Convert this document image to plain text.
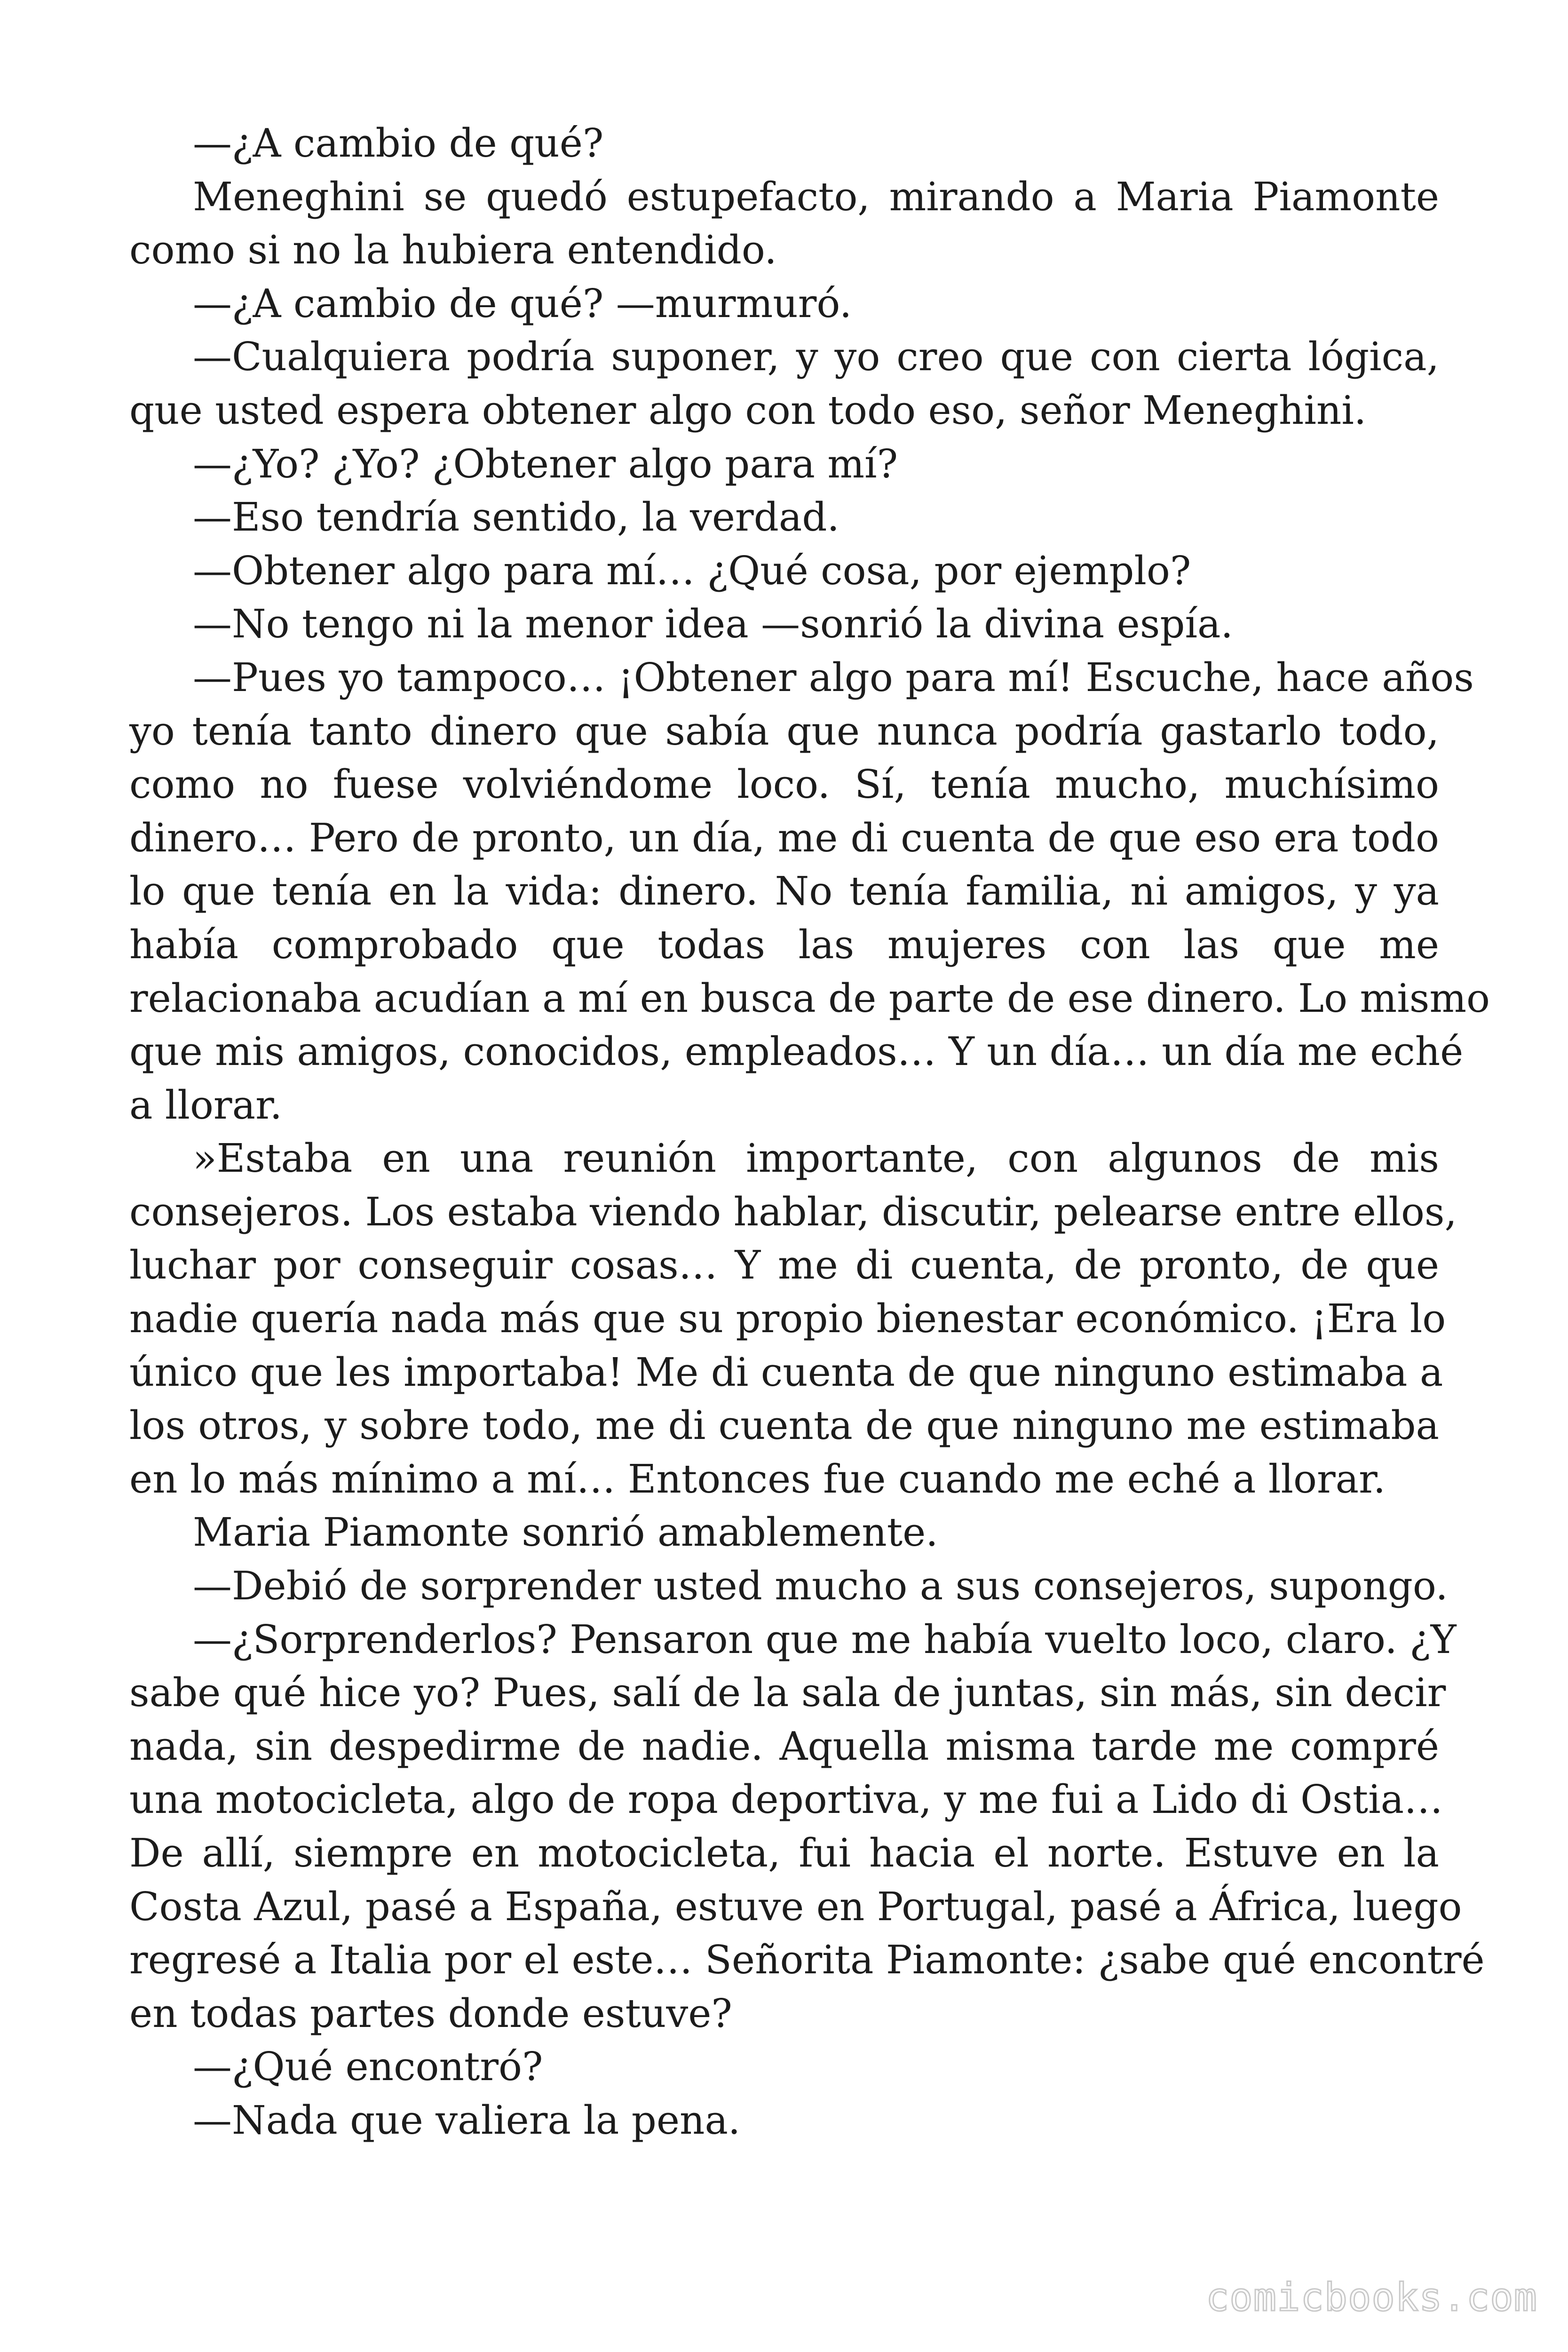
—¿A cambio de qué?
Meneghini se quedó estupefacto, mirando a Maria Piamonte
como si no la hubiera entendido.
—¿A cambio de qué? —murmuró.
—Cualquiera podría suponer, y yo creo que con cierta lógica,
que usted espera obtener algo con todo eso, señor Meneghini.
—¿Yo? ¿Yo? ¿Obtener algo para mí?
—Eso tendría sentido, la verdad.
—Obtener algo para mí… ¿Qué cosa, por ejemplo?
—No tengo ni la menor idea —sonrió la divina espía.
—Pues yo tampoco… ¡Obtener algo para mí! Escuche, hace años
yo tenía tanto dinero que sabía que nunca podría gastarlo todo,
como no fuese volviéndome loco. Sí, tenía mucho, muchísimo
dinero… Pero de pronto, un día, me di cuenta de que eso era todo
lo que tenía en la vida: dinero. No tenía familia, ni amigos, y ya
había comprobado que todas las mujeres con las que me
relacionaba acudían a mí en busca de parte de ese dinero. Lo mismo
que mis amigos, conocidos, empleados… Y un día… un día me eché
a llorar.
»Estaba en una reunión importante, con algunos de mis
consejeros. Los estaba viendo hablar, discutir, pelearse entre ellos,
luchar por conseguir cosas… Y me di cuenta, de pronto, de que
nadie quería nada más que su propio bienestar económico. ¡Era lo
único que les importaba! Me di cuenta de que ninguno estimaba a
los otros, y sobre todo, me di cuenta de que ninguno me estimaba
en lo más mínimo a mí… Entonces fue cuando me eché a llorar.
Maria Piamonte sonrió amablemente.
—Debió de sorprender usted mucho a sus consejeros, supongo.
—¿Sorprenderlos? Pensaron que me había vuelto loco, claro. ¿Y
sabe qué hice yo? Pues, salí de la sala de juntas, sin más, sin decir
nada, sin despedirme de nadie. Aquella misma tarde me compré
una motocicleta, algo de ropa deportiva, y me fui a Lido di Ostia…
De allí, siempre en motocicleta, fui hacia el norte. Estuve en la
Costa Azul, pasé a España, estuve en Portugal, pasé a África, luego
regresé a Italia por el este… Señorita Piamonte: ¿sabe qué encontré
en todas partes donde estuve?
—¿Qué encontró?
—Nada que valiera la pena.
comicbooks.com
